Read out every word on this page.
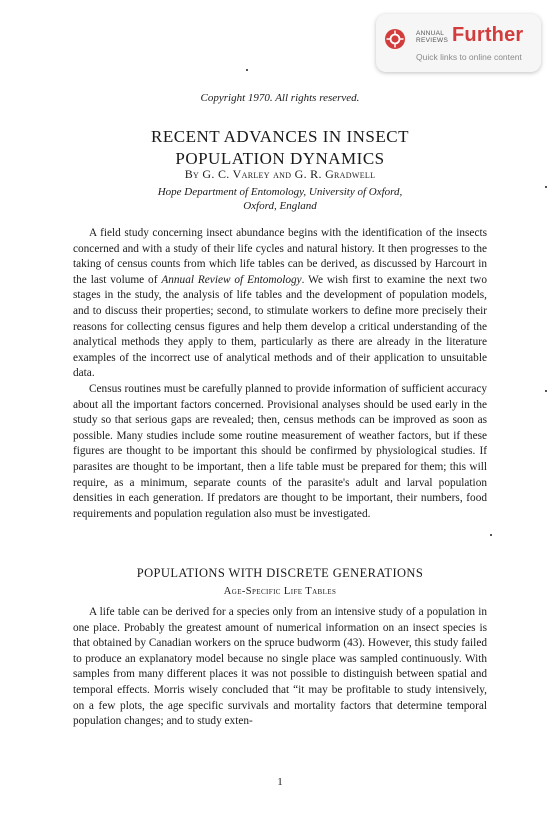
ANNUAL
REVIEWS Further
Quick links to online content
Copyright 1970. All rights reserved.
RECENT ADVANCES IN INSECT
POPULATION DYNAMICS
By G. C. Varley and G. R. Gradwell
Hope Department of Entomology, University of Oxford,
Oxford, England

A field study concerning insect abundance begins with the identification of the insects concerned and with a study of their life cycles and natural history. It then progresses to the taking of census counts from which life tables can be derived, as discussed by Harcourt in the last volume of Annual Review of Entomology. We wish first to examine the next two stages in the study, the analysis of life tables and the development of population models, and to discuss their properties; second, to stimulate workers to define more precisely their reasons for collecting census figures and help them develop a critical understanding of the analytical methods they apply to them, particularly as there are already in the literature examples of the incorrect use of analytical methods and of their application to unsuitable data.

Census routines must be carefully planned to provide information of sufficient accuracy about all the important factors concerned. Provisional analyses should be used early in the study so that serious gaps are revealed; then, census methods can be improved as soon as possible. Many studies include some routine measurement of weather factors, but if these figures are thought to be important this should be confirmed by physiological studies. If parasites are thought to be important, then a life table must be prepared for them; this will require, as a minimum, separate counts of the parasite's adult and larval population densities in each generation. If predators are thought to be important, their numbers, food requirements and population regulation also must be investigated.

POPULATIONS WITH DISCRETE GENERATIONS
Age-Specific Life Tables

A life table can be derived for a species only from an intensive study of a population in one place. Probably the greatest amount of numerical information on an insect species is that obtained by Canadian workers on the spruce budworm (43). However, this study failed to produce an explanatory model because no single place was sampled continuously. With samples from many different places it was not possible to distinguish between spatial and temporal effects. Morris wisely concluded that “it may be profitable to study intensively, on a few plots, the age specific survivals and mortality factors that determine temporal population changes; and to study exten-

1
